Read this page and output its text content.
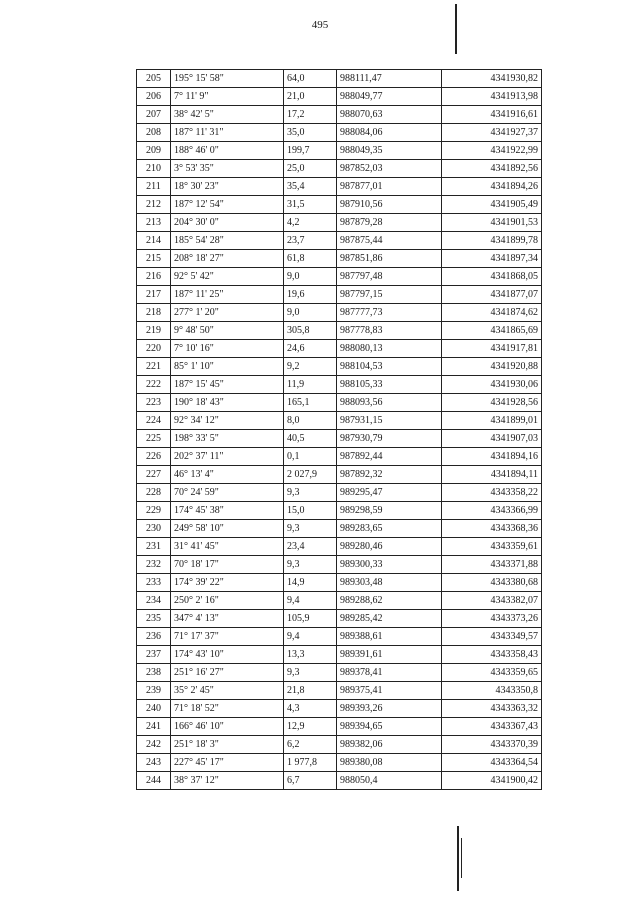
495
205	195° 15' 58"	64,0	988111,47	4341930,82
206	7° 11' 9"	21,0	988049,77	4341913,98
207	38° 42' 5"	17,2	988070,63	4341916,61
208	187° 11' 31"	35,0	988084,06	4341927,37
209	188° 46' 0"	199,7	988049,35	4341922,99
210	3° 53' 35"	25,0	987852,03	4341892,56
211	18° 30' 23"	35,4	987877,01	4341894,26
212	187° 12' 54"	31,5	987910,56	4341905,49
213	204° 30' 0"	4,2	987879,28	4341901,53
214	185° 54' 28"	23,7	987875,44	4341899,78
215	208° 18' 27"	61,8	987851,86	4341897,34
216	92° 5' 42"	9,0	987797,48	4341868,05
217	187° 11' 25"	19,6	987797,15	4341877,07
218	277° 1' 20"	9,0	987777,73	4341874,62
219	9° 48' 50"	305,8	987778,83	4341865,69
220	7° 10' 16"	24,6	988080,13	4341917,81
221	85° 1' 10"	9,2	988104,53	4341920,88
222	187° 15' 45"	11,9	988105,33	4341930,06
223	190° 18' 43"	165,1	988093,56	4341928,56
224	92° 34' 12"	8,0	987931,15	4341899,01
225	198° 33' 5"	40,5	987930,79	4341907,03
226	202° 37' 11"	0,1	987892,44	4341894,16
227	46° 13' 4"	2 027,9	987892,32	4341894,11
228	70° 24' 59"	9,3	989295,47	4343358,22
229	174° 45' 38"	15,0	989298,59	4343366,99
230	249° 58' 10"	9,3	989283,65	4343368,36
231	31° 41' 45"	23,4	989280,46	4343359,61
232	70° 18' 17"	9,3	989300,33	4343371,88
233	174° 39' 22"	14,9	989303,48	4343380,68
234	250° 2' 16"	9,4	989288,62	4343382,07
235	347° 4' 13"	105,9	989285,42	4343373,26
236	71° 17' 37"	9,4	989388,61	4343349,57
237	174° 43' 10"	13,3	989391,61	4343358,43
238	251° 16' 27"	9,3	989378,41	4343359,65
239	35° 2' 45"	21,8	989375,41	4343350,8
240	71° 18' 52"	4,3	989393,26	4343363,32
241	166° 46' 10"	12,9	989394,65	4343367,43
242	251° 18' 3"	6,2	989382,06	4343370,39
243	227° 45' 17"	1 977,8	989380,08	4343364,54
244	38° 37' 12"	6,7	988050,4	4341900,42
